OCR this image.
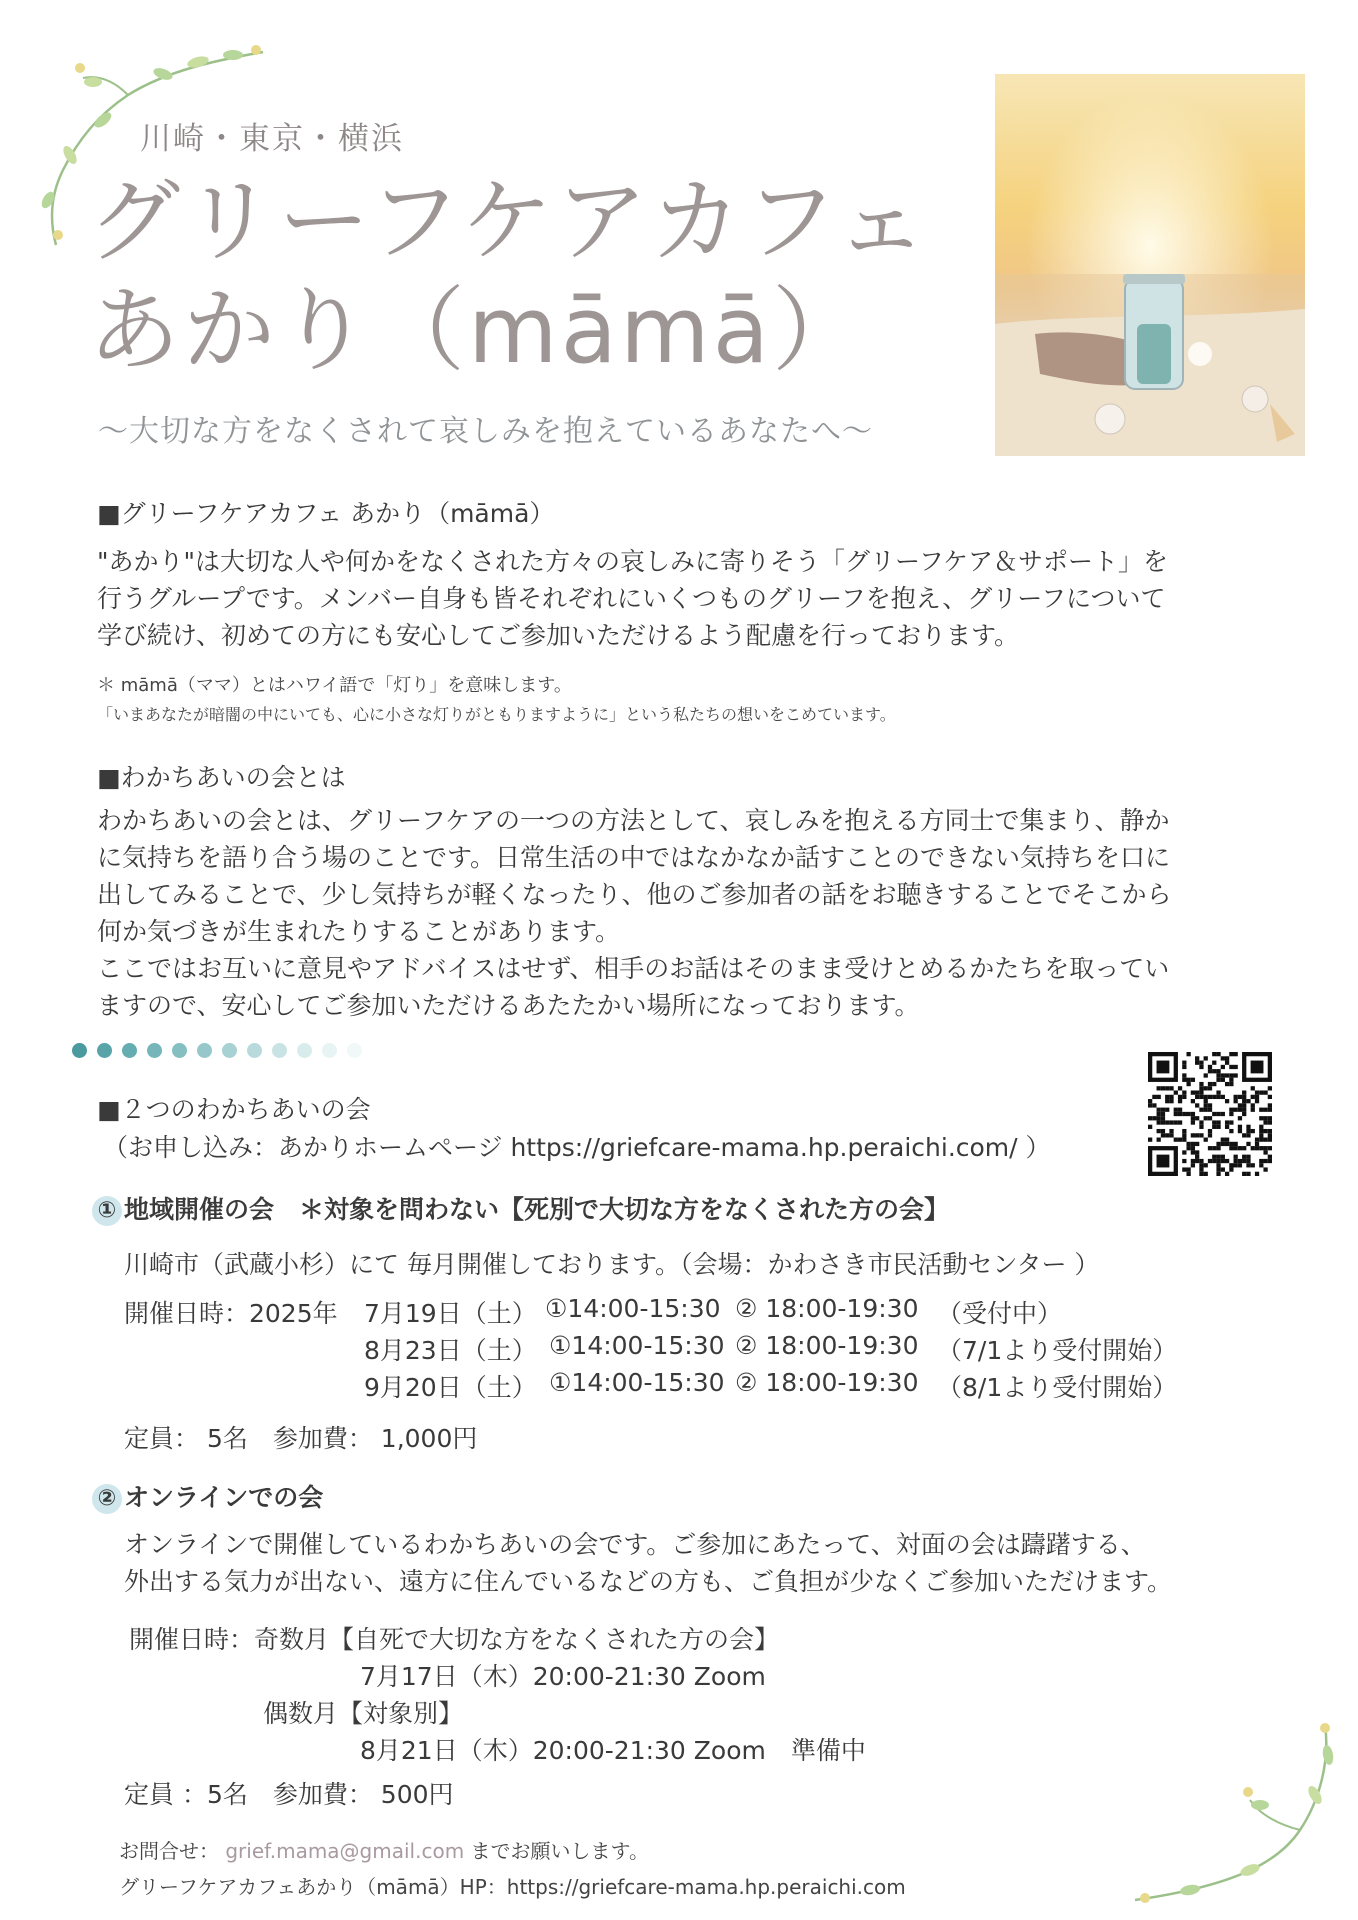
川崎・東京・横浜
グリーフケアカフェ
あかり（māmā）
〜大切な方をなくされて哀しみを抱えているあなたへ〜
■グリーフケアカフェ あかり（māmā）
"あかり"は大切な人や何かをなくされた方々の哀しみに寄りそう「グリーフケア＆サポート」を
行うグループです。メンバー自身も皆それぞれにいくつものグリーフを抱え、グリーフについて
学び続け、初めての方にも安心してご参加いただけるよう配慮を行っております。
＊ māmā（ママ）とはハワイ語で「灯り」を意味します。
「いまあなたが暗闇の中にいても、心に小さな灯りがともりますように」という私たちの想いをこめています。
■わかちあいの会とは
わかちあいの会とは、グリーフケアの一つの方法として、哀しみを抱える方同士で集まり、静か
に気持ちを語り合う場のことです。日常生活の中ではなかなか話すことのできない気持ちを口に
出してみることで、少し気持ちが軽くなったり、他のご参加者の話をお聴きすることでそこから
何か気づきが生まれたりすることがあります。
ここではお互いに意見やアドバイスはせず、相手のお話はそのまま受けとめるかたちを取ってい
ますので、安心してご参加いただけるあたたかい場所になっております。
■２つのわかちあいの会
（お申し込み：あかりホームページ https://griefcare-mama.hp.peraichi.com/ ）
① 地域開催の会　＊対象を問わない【死別で大切な方をなくされた方の会】
川崎市（武蔵小杉）にて 毎月開催しております。（会場：かわさき市民活動センター ）
開催日時：2025年 7月19日（土） ①14:00-15:30 ② 18:00-19:30 （受付中）
8月23日（土） ①14:00-15:30 ② 18:00-19:30 （7/1より受付開始）
9月20日（土） ①14:00-15:30 ② 18:00-19:30 （8/1より受付開始）
定員： 5名　参加費： 1,000円
② オンラインでの会
オンラインで開催しているわかちあいの会です。ご参加にあたって、対面の会は躊躇する、
外出する気力が出ない、遠方に住んでいるなどの方も、ご負担が少なくご参加いただけます。
開催日時：奇数月【自死で大切な方をなくされた方の会】
7月17日（木）20:00-21:30 Zoom
偶数月【対象別】
8月21日（木）20:00-21:30 Zoom　準備中
定員 ：5名　参加費： 500円
お問合せ： grief.mama@gmail.com までお願いします。
グリーフケアカフェあかり（māmā）HP：https://griefcare-mama.hp.peraichi.com
